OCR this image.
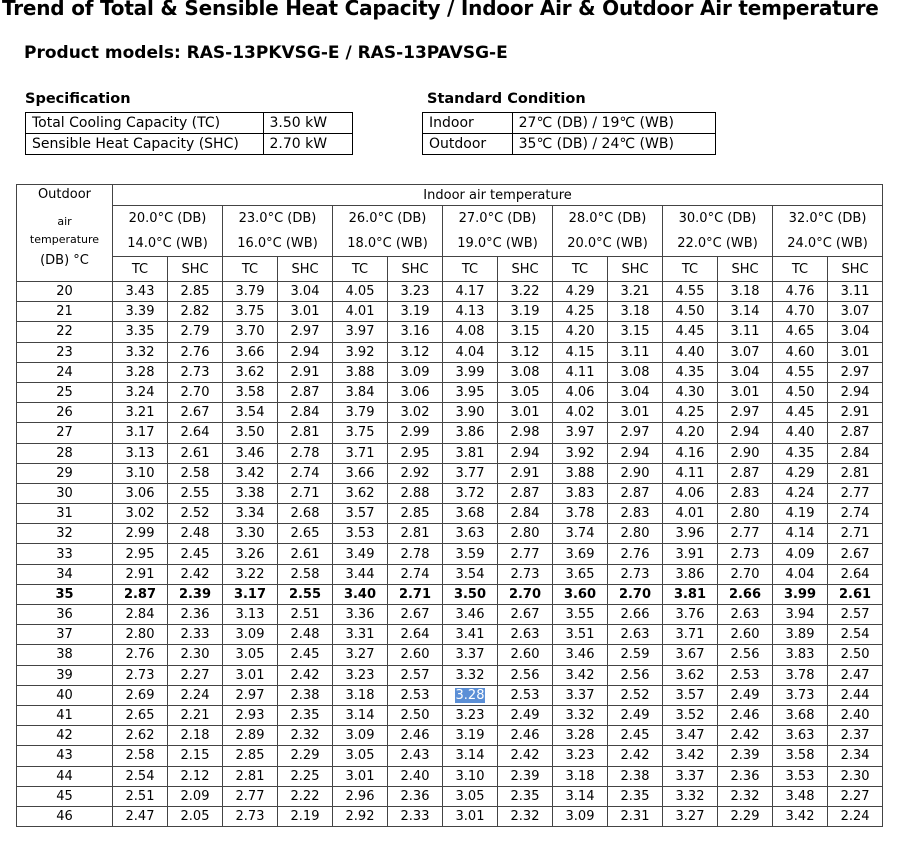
Trend of Total & Sensible Heat Capacity / Indoor Air & Outdoor Air temperature
Product models: RAS-13PKVSG-E / RAS-13PAVSG-E
Specification
Total Cooling Capacity (TC)	3.50 kW
Sensible Heat Capacity (SHC)	2.70 kW
Standard Condition
Indoor	27℃ (DB) / 19℃ (WB)
Outdoor	35℃ (DB) / 24℃ (WB)
Outdoor
air
temperature
(DB) °C	Indoor air temperature													
	20.0°C (DB)		23.0°C (DB)		26.0°C (DB)		27.0°C (DB)		28.0°C (DB)		30.0°C (DB)		32.0°C (DB)	
	14.0°C (WB)		16.0°C (WB)		18.0°C (WB)		19.0°C (WB)		20.0°C (WB)		22.0°C (WB)		24.0°C (WB)	
	TC	SHC	TC	SHC	TC	SHC	TC	SHC	TC	SHC	TC	SHC	TC	SHC
20	3.43	2.85	3.79	3.04	4.05	3.23	4.17	3.22	4.29	3.21	4.55	3.18	4.76	3.11
21	3.39	2.82	3.75	3.01	4.01	3.19	4.13	3.19	4.25	3.18	4.50	3.14	4.70	3.07
22	3.35	2.79	3.70	2.97	3.97	3.16	4.08	3.15	4.20	3.15	4.45	3.11	4.65	3.04
23	3.32	2.76	3.66	2.94	3.92	3.12	4.04	3.12	4.15	3.11	4.40	3.07	4.60	3.01
24	3.28	2.73	3.62	2.91	3.88	3.09	3.99	3.08	4.11	3.08	4.35	3.04	4.55	2.97
25	3.24	2.70	3.58	2.87	3.84	3.06	3.95	3.05	4.06	3.04	4.30	3.01	4.50	2.94
26	3.21	2.67	3.54	2.84	3.79	3.02	3.90	3.01	4.02	3.01	4.25	2.97	4.45	2.91
27	3.17	2.64	3.50	2.81	3.75	2.99	3.86	2.98	3.97	2.97	4.20	2.94	4.40	2.87
28	3.13	2.61	3.46	2.78	3.71	2.95	3.81	2.94	3.92	2.94	4.16	2.90	4.35	2.84
29	3.10	2.58	3.42	2.74	3.66	2.92	3.77	2.91	3.88	2.90	4.11	2.87	4.29	2.81
30	3.06	2.55	3.38	2.71	3.62	2.88	3.72	2.87	3.83	2.87	4.06	2.83	4.24	2.77
31	3.02	2.52	3.34	2.68	3.57	2.85	3.68	2.84	3.78	2.83	4.01	2.80	4.19	2.74
32	2.99	2.48	3.30	2.65	3.53	2.81	3.63	2.80	3.74	2.80	3.96	2.77	4.14	2.71
33	2.95	2.45	3.26	2.61	3.49	2.78	3.59	2.77	3.69	2.76	3.91	2.73	4.09	2.67
34	2.91	2.42	3.22	2.58	3.44	2.74	3.54	2.73	3.65	2.73	3.86	2.70	4.04	2.64
35	2.87	2.39	3.17	2.55	3.40	2.71	3.50	2.70	3.60	2.70	3.81	2.66	3.99	2.61
36	2.84	2.36	3.13	2.51	3.36	2.67	3.46	2.67	3.55	2.66	3.76	2.63	3.94	2.57
37	2.80	2.33	3.09	2.48	3.31	2.64	3.41	2.63	3.51	2.63	3.71	2.60	3.89	2.54
38	2.76	2.30	3.05	2.45	3.27	2.60	3.37	2.60	3.46	2.59	3.67	2.56	3.83	2.50
39	2.73	2.27	3.01	2.42	3.23	2.57	3.32	2.56	3.42	2.56	3.62	2.53	3.78	2.47
40	2.69	2.24	2.97	2.38	3.18	2.53	3.28	2.53	3.37	2.52	3.57	2.49	3.73	2.44
41	2.65	2.21	2.93	2.35	3.14	2.50	3.23	2.49	3.32	2.49	3.52	2.46	3.68	2.40
42	2.62	2.18	2.89	2.32	3.09	2.46	3.19	2.46	3.28	2.45	3.47	2.42	3.63	2.37
43	2.58	2.15	2.85	2.29	3.05	2.43	3.14	2.42	3.23	2.42	3.42	2.39	3.58	2.34
44	2.54	2.12	2.81	2.25	3.01	2.40	3.10	2.39	3.18	2.38	3.37	2.36	3.53	2.30
45	2.51	2.09	2.77	2.22	2.96	2.36	3.05	2.35	3.14	2.35	3.32	2.32	3.48	2.27
46	2.47	2.05	2.73	2.19	2.92	2.33	3.01	2.32	3.09	2.31	3.27	2.29	3.42	2.24
